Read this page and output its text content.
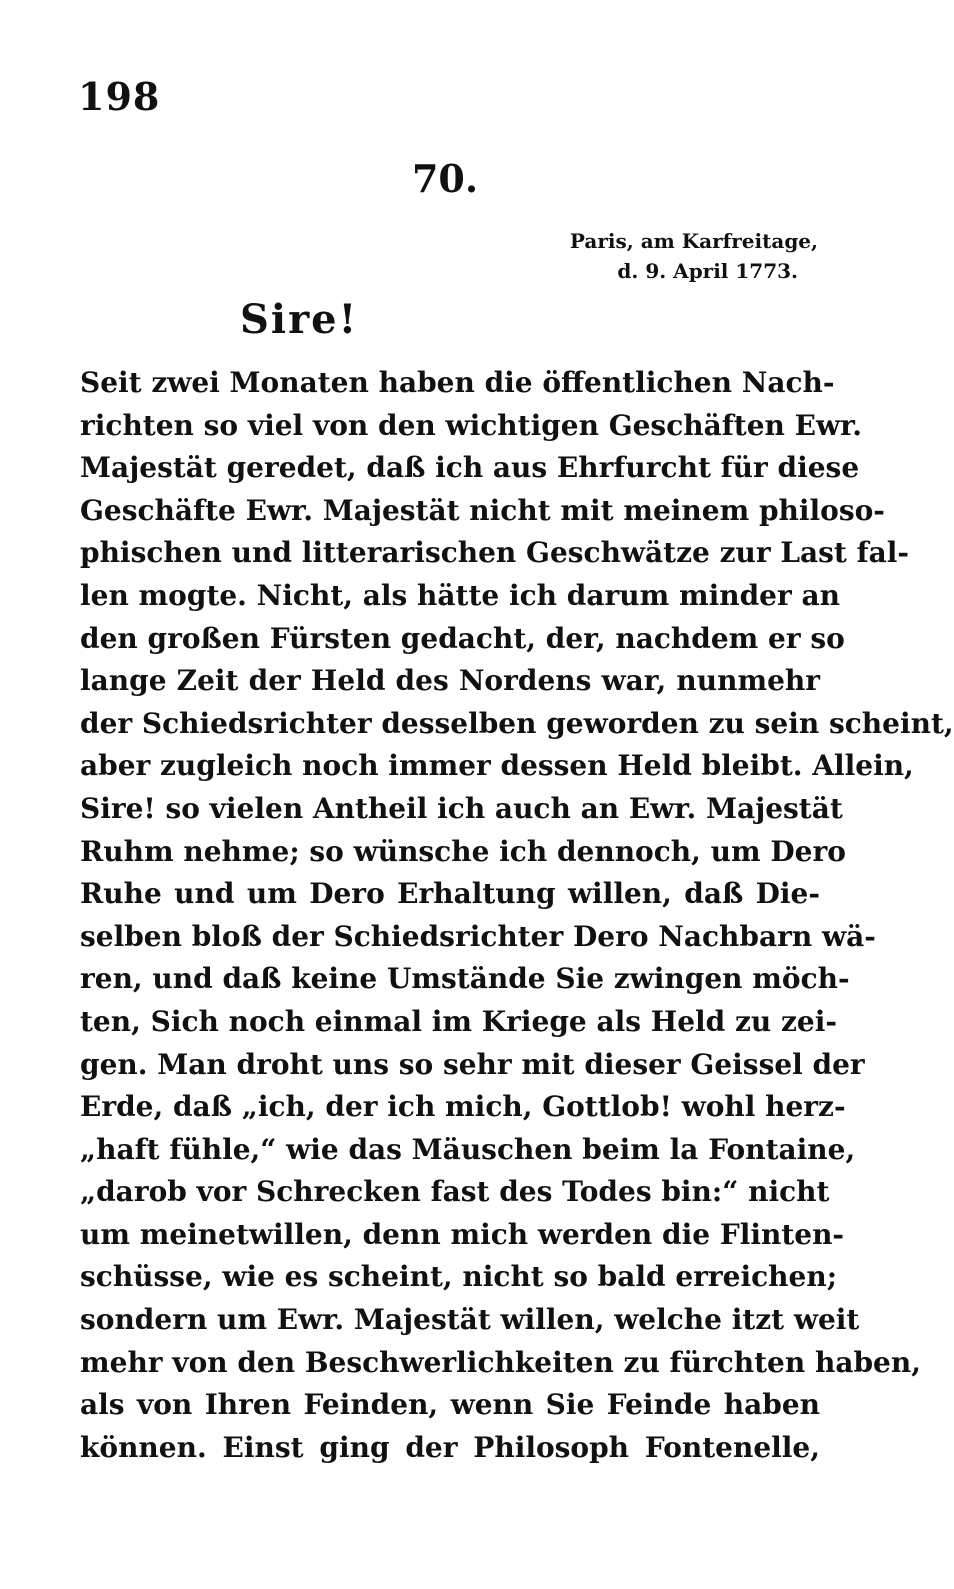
198
70.
Paris, am Karfreitage,
d. 9. April 1773.
Sire!
Seit zwei Monaten haben die öffentlichen Nach-
richten so viel von den wichtigen Geschäften Ewr.
Majestät geredet, daß ich aus Ehrfurcht für diese
Geschäfte Ewr. Majestät nicht mit meinem philoso-
phischen und litterarischen Geschwätze zur Last fal-
len mogte. Nicht, als hätte ich darum minder an
den großen Fürsten gedacht, der, nachdem er so
lange Zeit der Held des Nordens war, nunmehr
der Schiedsrichter desselben geworden zu sein scheint,
aber zugleich noch immer dessen Held bleibt. Allein,
Sire! so vielen Antheil ich auch an Ewr. Majestät
Ruhm nehme; so wünsche ich dennoch, um Dero
Ruhe und um Dero Erhaltung willen, daß Die-
selben bloß der Schiedsrichter Dero Nachbarn wä-
ren, und daß keine Umstände Sie zwingen möch-
ten, Sich noch einmal im Kriege als Held zu zei-
gen. Man droht uns so sehr mit dieser Geissel der
Erde, daß „ich, der ich mich, Gottlob! wohl herz-
„haft fühle,“ wie das Mäuschen beim la Fontaine,
„darob vor Schrecken fast des Todes bin:“ nicht
um meinetwillen, denn mich werden die Flinten-
schüsse, wie es scheint, nicht so bald erreichen;
sondern um Ewr. Majestät willen, welche itzt weit
mehr von den Beschwerlichkeiten zu fürchten haben,
als von Ihren Feinden, wenn Sie Feinde haben
können. Einst ging der Philosoph Fontenelle,
